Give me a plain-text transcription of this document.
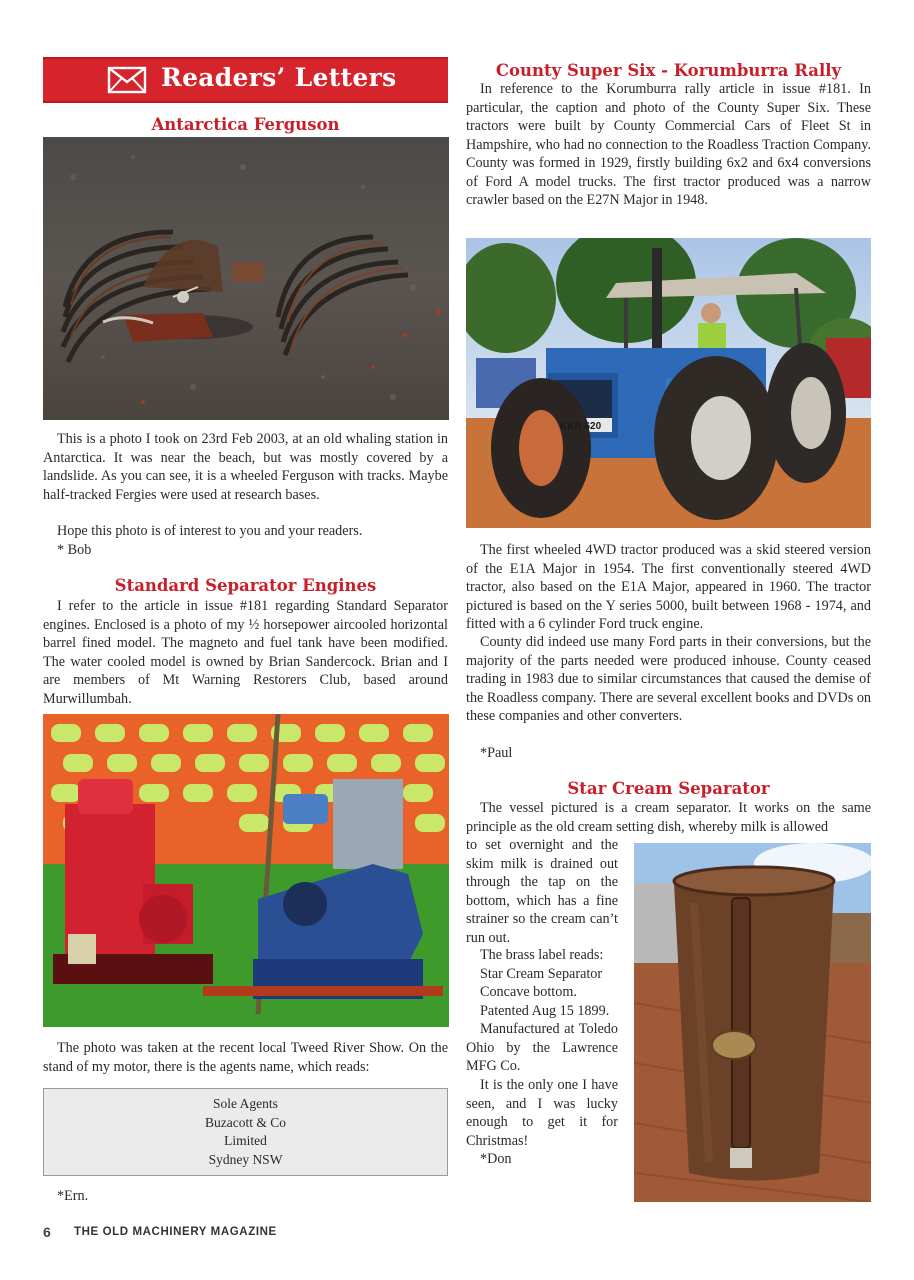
Readers’ Letters
Antarctica Ferguson

This is a photo I took on 23rd Feb 2003, at an old whaling station in Antarctica. It was near the beach, but was mostly covered by a landslide. As you can see, it is a wheeled Ferguson with tracks. Maybe half-tracked Fergies were used at research bases.

Hope this photo is of interest to you and your readers.

* Bob

Standard Separator Engines

I refer to the article in issue #181 regarding Standard Separator engines. Enclosed is a photo of my ½ horsepower aircooled horizontal barrel fined model. The magneto and fuel tank have been modified. The water cooled model is owned by Brian Sandercock. Brian and I are members of Mt Warning Restorers Club, based around Murwillumbah.

The photo was taken at the recent local Tweed River Show. On the stand of my motor, there is the agents name, which reads:

Sole Agents
Buzacott & Co
Limited
Sydney NSW

*Ern.

County Super Six - Korumburra Rally

In reference to the Korumburra rally article in issue #181. In particular, the caption and photo of the County Super Six. These tractors were built by County Commercial Cars of Fleet St in Hampshire, who had no connection to the Roadless Traction Company. County was formed in 1929, firstly building 6x2 and 6x4 conversions of Ford A model trucks. The first tractor produced was a narrow crawler based on the E27N Major in 1948.

KKR 620

The first wheeled 4WD tractor produced was a skid steered version of the E1A Major in 1954. The first conventionally steered 4WD tractor, also based on the E1A Major, appeared in 1960. The tractor pictured is based on the Y series 5000, built between 1968 - 1974, and fitted with a 6 cylinder Ford truck engine.

County did indeed use many Ford parts in their conversions, but the majority of the parts needed were produced inhouse. County ceased trading in 1983 due to similar circumstances that caused the demise of the Roadless company. There are several excellent books and DVDs on these companies and other converters.

*Paul

Star Cream Separator

The vessel pictured is a cream separator. It works on the same principle as the old cream setting dish, whereby milk is allowed

to set overnight and the skim milk is drained out through the tap on the bottom, which has a fine strainer so the cream can’t run out.

The brass label reads:
Star Cream Separator
Concave bottom.
Patented Aug 15 1899.
Manufactured at Toledo Ohio by the Lawrence MFG Co.

It is the only one I have seen, and I was lucky enough to get it for Christmas!

*Don

6 THE OLD MACHINERY MAGAZINE
